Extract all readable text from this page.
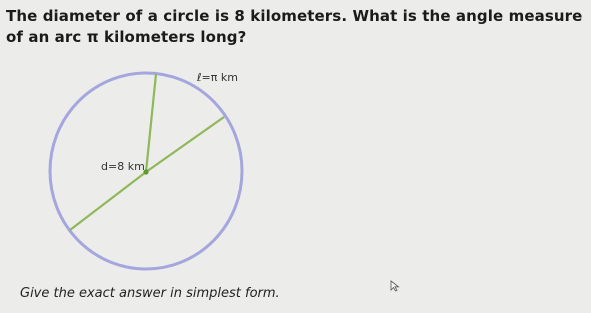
The diameter of a circle is 8 kilometers. What is the angle measure of an arc π kilometers long?

ℓ=π km
d=8 km

Give the exact answer in simplest form.
